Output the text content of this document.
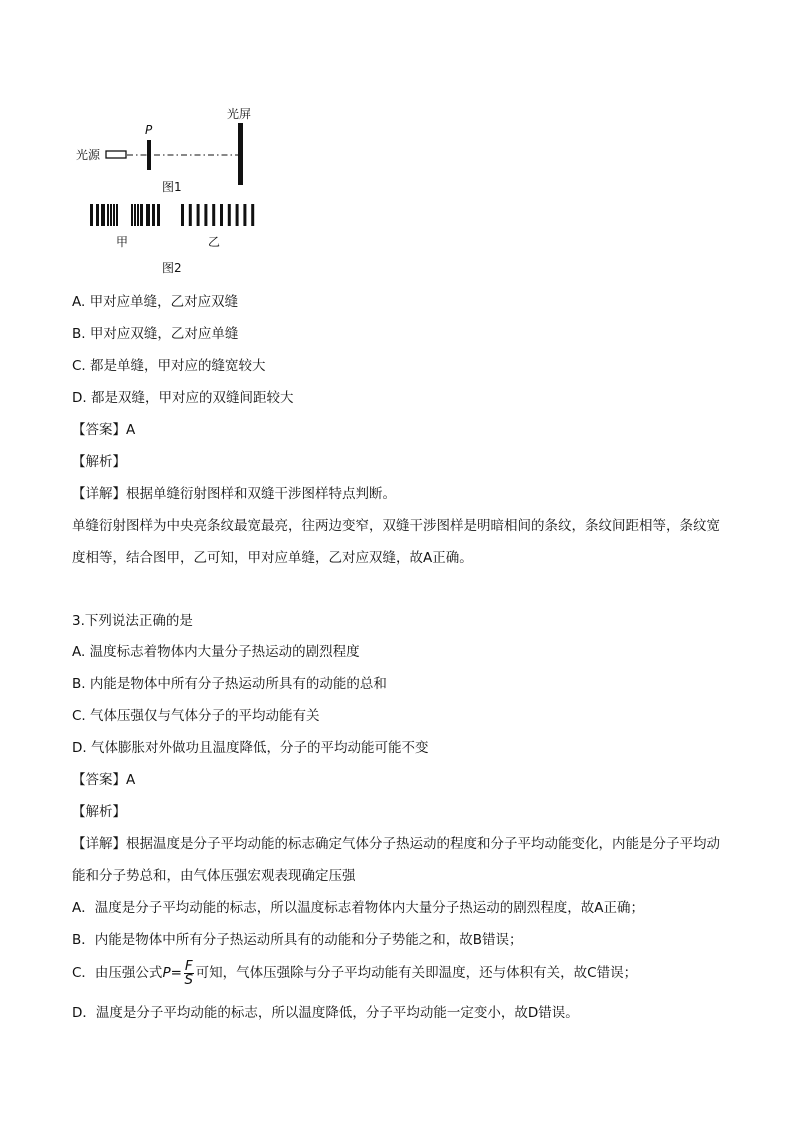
光源
P
光屏
图1
甲	乙
图2
A. 甲对应单缝，乙对应双缝
B. 甲对应双缝，乙对应单缝
C. 都是单缝，甲对应的缝宽较大
D. 都是双缝，甲对应的双缝间距较大
【答案】A
【解析】
【详解】根据单缝衍射图样和双缝干涉图样特点判断。
单缝衍射图样为中央亮条纹最宽最亮，往两边变窄，双缝干涉图样是明暗相间的条纹，条纹间距相等，条纹宽度相等，结合图甲，乙可知，甲对应单缝，乙对应双缝，故A正确。
3.下列说法正确的是
A. 温度标志着物体内大量分子热运动的剧烈程度
B. 内能是物体中所有分子热运动所具有的动能的总和
C. 气体压强仅与气体分子的平均动能有关
D. 气体膨胀对外做功且温度降低，分子的平均动能可能不变
【答案】A
【解析】
【详解】根据温度是分子平均动能的标志确定气体分子热运动的程度和分子平均动能变化，内能是分子平均动能和分子势总和，由气体压强宏观表现确定压强
A．温度是分子平均动能的标志，所以温度标志着物体内大量分子热运动的剧烈程度，故A正确；
B．内能是物体中所有分子热运动所具有的动能和分子势能之和，故B错误；
C．由压强公式$P= \frac{F}{S}$ 可知，气体压强除与分子平均动能有关即温度，还与体积有关，故C错误；
D．温度是分子平均动能的标志，所以温度降低，分子平均动能一定变小，故D错误。
